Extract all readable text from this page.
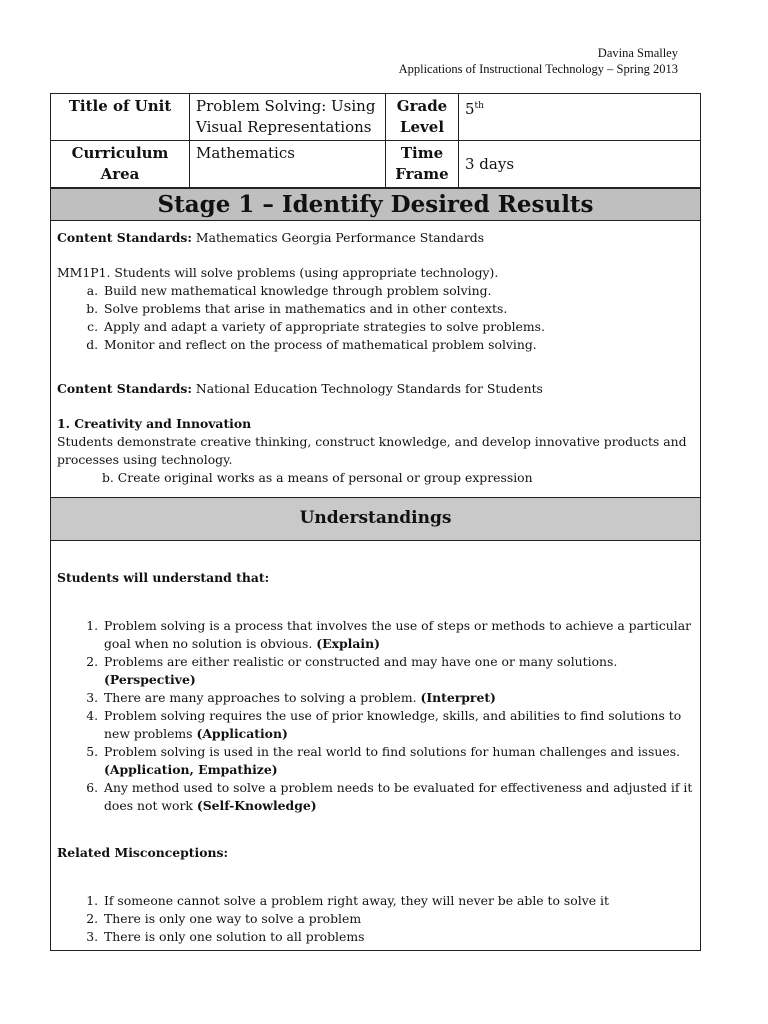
Davina Smalley
Applications of Instructional Technology – Spring 2013
Title of Unit	Problem Solving: Using Visual Representations	Grade Level	5th
Curriculum Area	Mathematics	Time Frame	3 days
Stage 1 – Identify Desired Results

Content Standards: Mathematics Georgia Performance Standards

MM1P1. Students will solve problems (using appropriate technology).

a. Build new mathematical knowledge through problem solving.
b. Solve problems that arise in mathematics and in other contexts.
c. Apply and adapt a variety of appropriate strategies to solve problems.
d. Monitor and reflect on the process of mathematical problem solving.

Content Standards: National Education Technology Standards for Students

1. Creativity and Innovation

Students demonstrate creative thinking, construct knowledge, and develop innovative products and processes using technology.

b. Create original works as a means of personal or group expression

Understandings

Students will understand that:

1. Problem solving is a process that involves the use of steps or methods to achieve a particular goal when no solution is obvious. (Explain)
2. Problems are either realistic or constructed and may have one or many solutions. (Perspective)
3. There are many approaches to solving a problem. (Interpret)
4. Problem solving requires the use of prior knowledge, skills, and abilities to find solutions to new problems (Application)
5. Problem solving is used in the real world to find solutions for human challenges and issues. (Application, Empathize)
6. Any method used to solve a problem needs to be evaluated for effectiveness and adjusted if it does not work (Self-Knowledge)

Related Misconceptions:

1. If someone cannot solve a problem right away, they will never be able to solve it
2. There is only one way to solve a problem
3. There is only one solution to all problems
